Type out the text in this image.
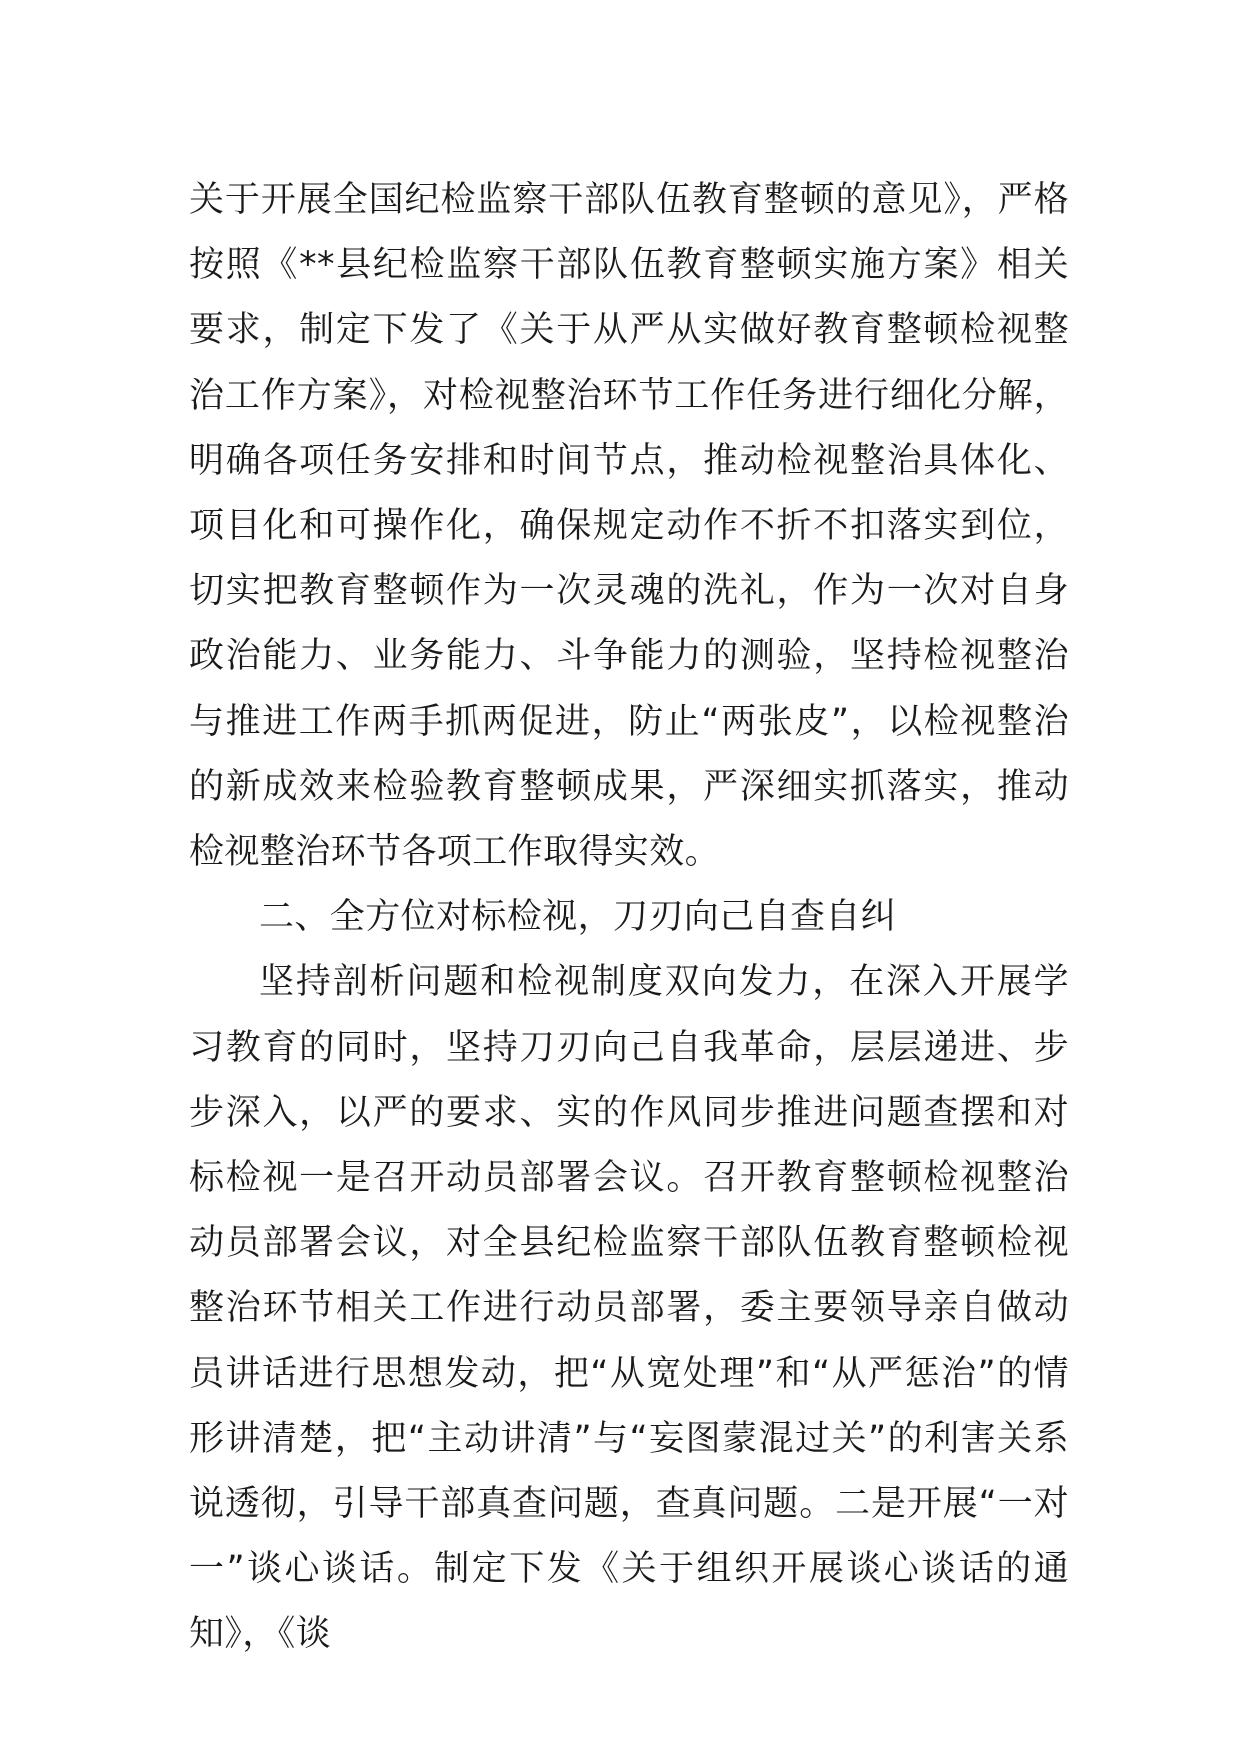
关于开展全国纪检监察干部队伍教育整顿的意见》，严格按照《**县纪检监察干部队伍教育整顿实施方案》相关要求，制定下发了《关于从严从实做好教育整顿检视整治工作方案》，对检视整治环节工作任务进行细化分解，明确各项任务安排和时间节点，推动检视整治具体化、项目化和可操作化，确保规定动作不折不扣落实到位，切实把教育整顿作为一次灵魂的洗礼，作为一次对自身政治能力、业务能力、斗争能力的测验，坚持检视整治与推进工作两手抓两促进，防止“两张皮”，以检视整治的新成效来检验教育整顿成果，严深细实抓落实，推动检视整治环节各项工作取得实效。

二、全方位对标检视，刀刃向己自查自纠

坚持剖析问题和检视制度双向发力，在深入开展学习教育的同时，坚持刀刃向己自我革命，层层递进、步步深入，以严的要求、实的作风同步推进问题查摆和对标检视一是召开动员部署会议。召开教育整顿检视整治动员部署会议，对全县纪检监察干部队伍教育整顿检视整治环节相关工作进行动员部署，委主要领导亲自做动员讲话进行思想发动，把“从宽处理”和“从严惩治”的情形讲清楚，把“主动讲清”与“妄图蒙混过关”的利害关系说透彻，引导干部真查问题，查真问题。二是开展“一对一”谈心谈话。制定下发《关于组织开展谈心谈话的通知》，《谈
